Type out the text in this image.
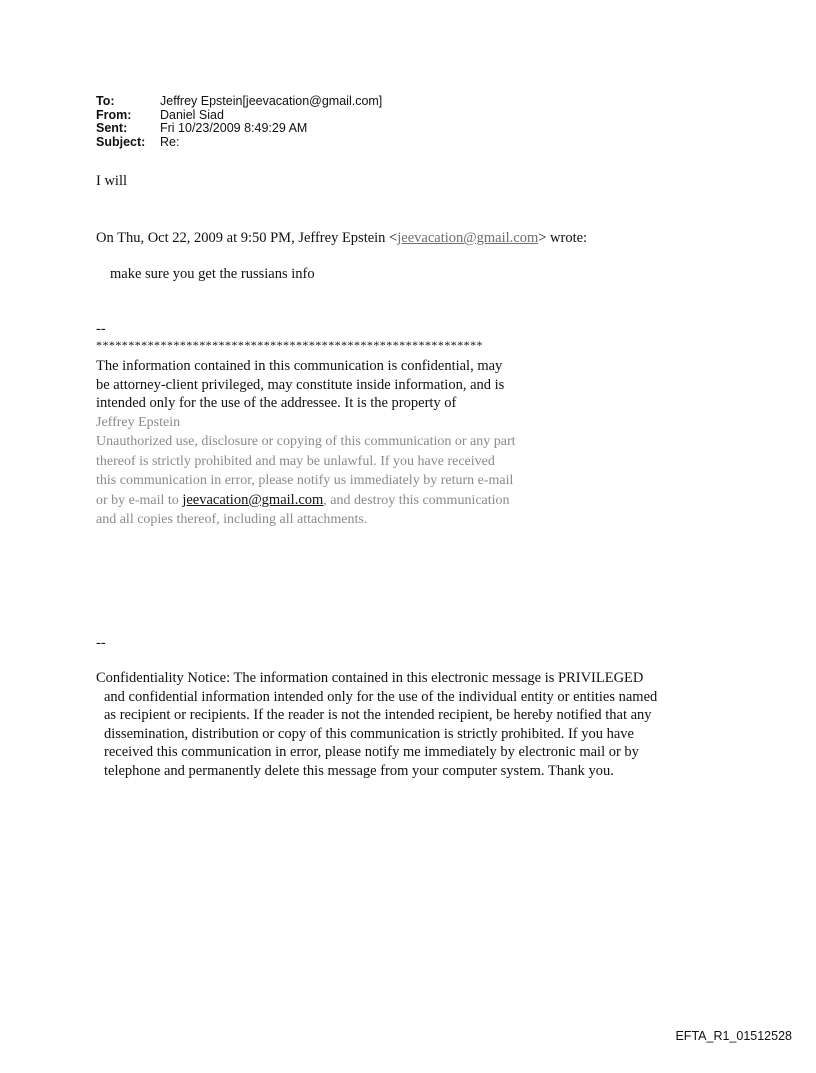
To:	Jeffrey Epstein[jeevacation@gmail.com]
From:	Daniel Siad
Sent:	Fri 10/23/2009 8:49:29 AM
Subject:	Re:
I will
On Thu, Oct 22, 2009 at 9:50 PM, Jeffrey Epstein <jeevacation@gmail.com> wrote:
make sure you get the russians info
--
************************************************************
The information contained in this communication is confidential, may be attorney-client privileged, may constitute inside information, and is intended only for the use of the addressee. It is the property of
Jeffrey Epstein
Unauthorized use, disclosure or copying of this communication or any part thereof is strictly prohibited and may be unlawful. If you have received this communication in error, please notify us immediately by return e-mail or by e-mail to jeevacation@gmail.com, and destroy this communication and all copies thereof, including all attachments.
--
Confidentiality Notice: The information contained in this electronic message is PRIVILEGED
and confidential information intended only for the use of the individual entity or entities named
as recipient or recipients. If the reader is not the intended recipient, be hereby notified that any
dissemination, distribution or copy of this communication is strictly prohibited. If you have
received this communication in error, please notify me immediately by electronic mail or by
telephone and permanently delete this message from your computer system. Thank you.
EFTA_R1_01512528
